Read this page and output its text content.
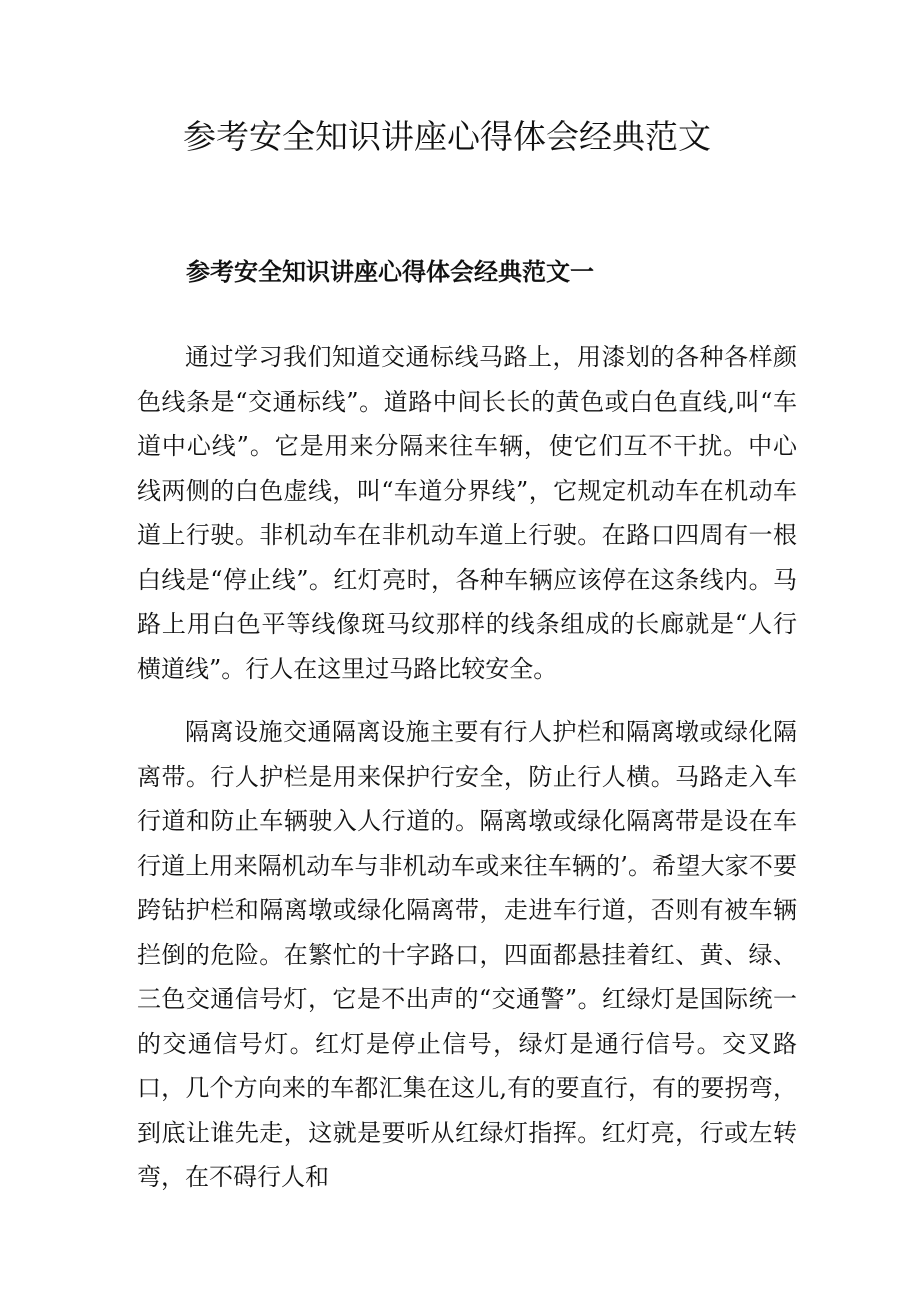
参考安全知识讲座心得体会经典范文
参考安全知识讲座心得体会经典范文一

通过学习我们知道交通标线马路上，用漆划的各种各样颜色线条是“交通标线”。道路中间长长的黄色或白色直线,叫“车道中心线”。它是用来分隔来往车辆，使它们互不干扰。中心线两侧的白色虚线，叫“车道分界线”，它规定机动车在机动车道上行驶。非机动车在非机动车道上行驶。在路口四周有一根白线是“停止线”。红灯亮时，各种车辆应该停在这条线内。马路上用白色平等线像斑马纹那样的线条组成的长廊就是“人行横道线”。行人在这里过马路比较安全。

隔离设施交通隔离设施主要有行人护栏和隔离墩或绿化隔离带。行人护栏是用来保护行安全，防止行人横。马路走入车行道和防止车辆驶入人行道的。隔离墩或绿化隔离带是设在车行道上用来隔机动车与非机动车或来往车辆的’。希望大家不要跨钻护栏和隔离墩或绿化隔离带，走进车行道，否则有被车辆拦倒的危险。在繁忙的十字路口，四面都悬挂着红、黄、绿、三色交通信号灯，它是不出声的“交通警”。红绿灯是国际统一的交通信号灯。红灯是停止信号，绿灯是通行信号。交叉路口，几个方向来的车都汇集在这儿,有的要直行，有的要拐弯，到底让谁先走，这就是要听从红绿灯指挥。红灯亮，行或左转弯，在不碍行人和
